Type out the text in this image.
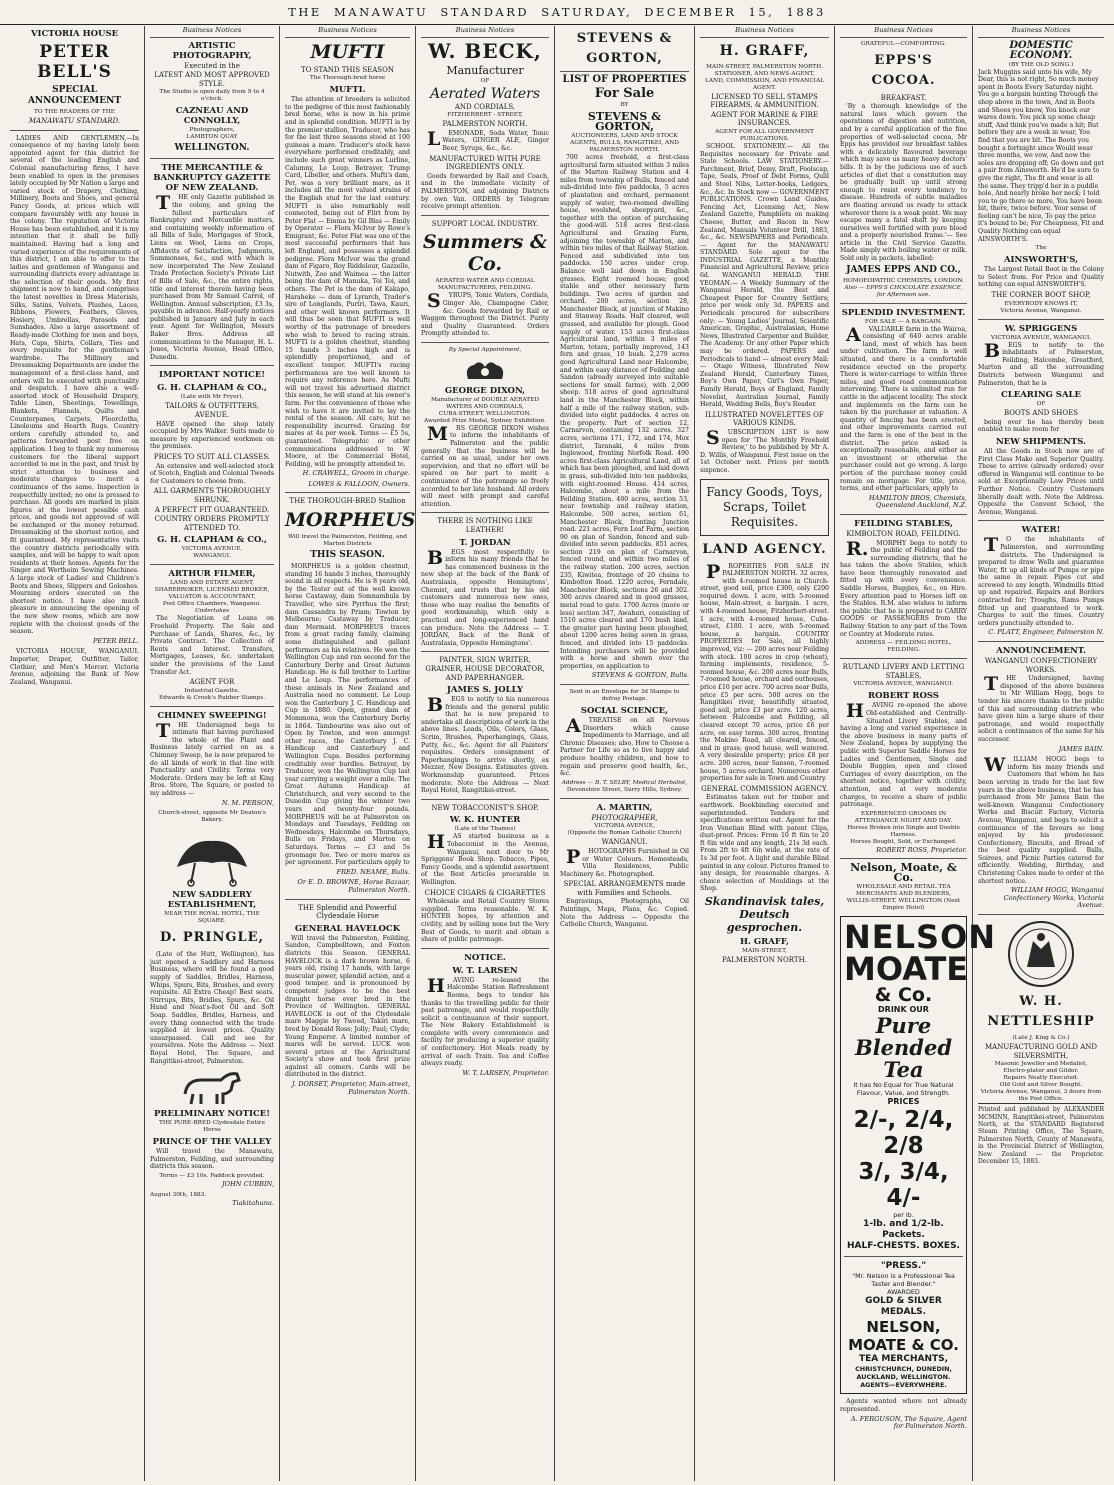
THE MANAWATU STANDARD SATURDAY, DECEMBER 15, 1883
VICTORIA HOUSE
PETER BELL'S
SPECIAL ANNOUNCEMENT
TO THE READERS OF THE
MANAWATU STANDARD.
LADIES AND GENTLEMEN,—In consequence of my having lately been appointed agent for this district for several of the leading English and Colonial manufacturing firms, I have been enabled to open in the premises lately occupied by Mr Nation a large and varied stock of Drapery, Clothing, Millinery, Boots and Shoes, and general Fancy Goods, at prices which will compare favourably with any house in the colony. The reputation of Victoria House has been established, and it is my intention that it shall be fully maintained. Having had a long and varied experience of the requirements of this district, I am able to offer to the ladies and gentlemen of Wanganui and surrounding districts every advantage in the selection of their goods. My first shipment is now to hand, and comprises the latest novelties in Dress Materials, Silks, Satins, Velvets, Plushes, Laces, Ribbons, Flowers, Feathers, Gloves, Hosiery, Umbrellas, Parasols and Sunshades. Also a large assortment of Ready-made Clothing for men and boys, Hats, Caps, Shirts, Collars, Ties and every requisite for the gentleman's wardrobe. The Millinery and Dressmaking Departments are under the management of a first-class hand, and orders will be executed with punctuality and despatch. I have also a well-assorted stock of Household Drapery, Table Linen, Sheetings, Towellings, Blankets, Flannels, Quilts and Counterpanes, Carpets, Floorcloths, Linoleums and Hearth Rugs. Country orders carefully attended to, and patterns forwarded post free on application. I beg to thank my numerous customers for the liberal support accorded to me in the past, and trust by strict attention to business and moderate charges to merit a continuance of the same. Inspection is respectfully invited; no one is pressed to purchase. All goods are marked in plain figures at the lowest possible cash prices, and goods not approved of will be exchanged or the money returned. Dressmaking at the shortest notice, and fit guaranteed. My representative visits the country districts periodically with samples, and will be happy to wait upon residents at their homes. Agents for the Singer and Wertheim Sewing Machines. A large stock of Ladies' and Children's Boots and Shoes, Slippers and Goloshes. Mourning orders executed on the shortest notice. I have also much pleasure in announcing the opening of the new show rooms, which are now replete with the choicest goods of the season.
PETER BELL.
VICTORIA HOUSE, WANGANUI. Importer, Draper, Outfitter, Tailor, Clothier, and Men's Mercer. Victoria Avenue, adjoining the Bank of New Zealand, Wanganui.
Business Notices
ARTISTIC PHOTOGRAPHY,
Executed in the
LATEST AND MOST APPROVED STYLE.
The Studio is open daily from 9 to 4 o'clock.
CAZNEAU AND CONNOLLY,
Photographers,
LAMBTON QUAY
WELLINGTON.
THE MERCANTILE & BANKRUPTCY GAZETTE OF NEW ZEALAND.
THE only Gazette published in the colony, and giving the fullest particulars of Bankruptcy and Mercantile matters, and containing weekly information of all Bills of Sale, Mortgages of Stock, Liens on Wool, Liens on Crops, Affidavits of Satisfaction, Judgments, Summonses, &c., and with which is now incorporated The New Zealand Trade Protection Society's Private List of Bills of Sale, &c., the entire rights, title and interest therein having been purchased from Mr Samuel Carrol, of Wellington. Annual subscription, £3 3s, payable in advance. Half-yearly notices published in January and July in each year. Agent for Wellington, Messrs Baker Bros. Address all communications to the Manager, H. L. Jones, Victoria Avenue, Head Office, Dunedin.
IMPORTANT NOTICE!
G. H. CLAPHAM & CO.,
(Late with Mr Fryer),
TAILORS & OUTFITTERS, AVENUE.
HAVE opened the shop lately occupied by Mrs Walker. Suits made to measure by experienced workmen on the premises.
PRICES TO SUIT ALL CLASSES.
An extensive and well-selected stock of Scotch, English and Colonial Tweeds for Customers to choose from.
ALL GARMENTS THOROUGHLY SHRUNK.
A PERFECT FIT GUARANTEED.
COUNTRY ORDERS PROMPTLY ATTENDED TO.
G. H. CLAPHAM & CO.,
VICTORIA AVENUE,
WANGANUI.
ARTHUR FILMER,
LAND AND ESTATE AGENT, SHAREBROKER, LICENSED BROKER, VALUATOR & ACCOUNTANT,
Post Office Chambers, Wanganui.
Undertakes
The Negotiation of Loans on Freehold Property. The Sale and Purchase of Lands, Shares, &c., by Private Contract. The Collection of Rents and Interest. Transfers, Mortgages, Leases, &c. undertaken under the provisions of the Land Transfer Act.
AGENT FOR
Industrial Gazette.
Edwards & Crook's Rubber Stamps.
CHIMNEY SWEEPING!
THE Undersigned begs to intimate that having purchased the whole of the Plant and Business lately carried on as a Chimney Sweep, he is now prepared to do all kinds of work in that line with Punctuality and Civility. Terms very Moderate. Orders may be left at King Bros. Store, The Square, or posted to my address —
N. M. PERSON,
Church-street, opposite Mr Deaton's Bakery.
NEW SADDLERY ESTABLISHMENT,
NEAR THE ROYAL HOTEL, THE SQUARE.
D. PRINGLE,
(Late of the Hutt, Wellington), has just opened a Saddlery and Harness Business, where will be found a good supply of Saddles, Bridles, Harness, Whips, Spurs, Bits, Brushes, and every requisite. All Extra Cheap! Best seats. Stirrups, Bits, Bridles, Spurs, &c. Oil Hand and Neat's-foot Oil and Soft Soap. Saddles, Bridles, Harness, and every thing connected with the trade supplied at lowest prices. Quality unsurpassed. Call and see for yourselves. Note the Address — Next Royal Hotel, The Square, and Rangitikei-street, Palmerston.
PRELIMINARY NOTICE!
THE PURE-BRED Clydesdale Entire Horse
PRINCE OF THE VALLEY
Will travel the Manawatu, Palmerston, Feilding, and surrounding districts this season.
Terms — £3 10s. Paddock provided.
JOHN CUBBIN,
August 30th, 1883.
Tiakitahuna.
Business Notices
MUFTI
TO STAND THIS SEASON
The Thorough-bred horse
MUFTI.
The attention of breeders is solicited to the pedigree of this most fashionably bred horse, who is now in his prime and in splendid condition. MUFTI is by the premier stallion, Traducer, who has for the last three seasons stood at 100 guineas a mare. Traducer's stock have everywhere performed creditably, and include such great winners as Lurline, Calumny, Le Loup, Betrayer, Trump Card, Libeller, and others. Mufti's dam, Pet, was a very brilliant mare, as it includes all the most valued strains of the English stud for the last century. MUFTI is also remarkably well connected, being out of Flirt from by Peter Flat — Emma by Gil Blas — Emily by Operator — Flora McIvor by Rowe's Emigrant, &c. Peter Flat was one of the most successful performers that has left England, and possesses a splendid pedigree. Flora McIvor was the grand dam of Figaro, Roy Riddelour, Gazzelle, Nutwith, Zoe and Waimea — the latter being the dam of Manuka, Toi Toi, and others. The Pet is the dam of Kakapo, Haraheke — dam of Lyrarch, Trader's sire of Longlands, Puriri, Tawa, Kauri, and other well known performers. It will thus be seen that MUFTI is well worthy of the patronage of breeders who wish to breed to racing strain. MUFTI is a golden chestnut, standing 15 hands 3 inches high and is splendidly proportioned, and of excellent temper. MUFTI's racing performances are too well known to require any reference here. As Mufti will not travel his advertised district this season, he will stand at his owner's farm. For the convenience of those who wish to have it are invited to lay the rental of the season. All care, but no responsibility incurred. Grazing for mares at 4s per week. Terms — £5 5s, guaranteed. Telegraphic or other communications addressed to W. Moore, at the Commercial Hotel, Feilding, will be promptly attended to.
H. CRAWELL, Groom in charge.
LOWES & FALLOON, Owners.
THE THOROUGH-BRED Stallion
MORPHEUS
Will travel the Palmerston, Feilding, and Marton Districts
THIS SEASON.
MORPHEUS is a golden chestnut, standing 16 hands 3 inches, thoroughly sound in all respects. He is 8 years old, by the Tester out of the well known horse Castaway, dam Somnambula by Traveller, who sire Pyrrhus the first; dam Cassandra by Priam; Towton by Melbourne; Castaway by Traducer, dam Mermaid. MORPHEUS traces from a great racing family, claiming some distinguished and gallant performers as his relatives. He won the Wellington Cup and ran second for the Canterbury Derby and Great Autumn Handicap. He is full brother to Lurline and Le Loup. The performances of these animals in New Zealand and Australia need no comment. Le Loup won the Canterbury J. C. Handicap and Cup in 1880. Open, grand dam of Mommona, won the Canterbury Derby in 1864. Tambourine was also out of Open by Towton, and won amongst other races, the Canterbury J. C. Handicap and Canterbury and Wellington Cups. Besides performing creditably over hurdles. Betrayer, by Traducer, won the Wellington Cup last year carrying a weight over a mile. The Great Autumn Handicap at Christchurch, and very second to the Dunedin Cup giving the winner two years and twenty-four pounds. MORPHEUS will be at Palmerston on Mondays and Tuesdays, Feilding on Wednesdays, Halcombe on Thursdays, Bulls on Fridays, and Marton on Saturdays. Terms — £3 and 5s groomage fee. Two or more mares as per agreement. For particulars apply to
FRED. NEAME, Bulls.
Or E. D. BROWNE, Horse Bazaar, Palmerston North.
THE Splendid and Powerful Clydesdale Horse
GENERAL HAVELOCK
Will travel the Palmerston, Feilding, Sandon, Campbelltown, and Foxton districts this Season. GENERAL HAVELOCK is a dark brown horse, 6 years old, rising 17 hands, with large muscular power, splendid action, and a good temper, and is pronounced by competent judges to be the best draught horse ever bred in the Province of Wellington. GENERAL HAVELOCK is out of the Clydesdale mare Maggie by Tweed, Takiri mare, bred by Donald Ross; Jolly; Paul; Clyde; Young Emperor. A limited number of mares will be served. LUCK won several prizes at the Agricultural Society's show and took first prize against all comers. Cards will be distributed in the district.
J. DORSET, Proprietor, Main-street, Palmerston North.
Business Notices
W. BECK,
Manufacturer
OF
Aerated Waters
AND CORDIALS,
FITZHERBERT - STREET,
PALMERSTON NORTH.
LEMONADE, Soda Water, Tonic Waters, GINGER ALE, Ginger Beer, Syrups, &c., &c.
MANUFACTURED WITH PURE INGREDIENTS ONLY.
Goods forwarded by Rail and Coach, and in the immediate vicinity of PALMERSTON, and adjoining Districts by own Van. ORDERS by Telegram receive prompt attention.
SUPPORT LOCAL INDUSTRY.
Summers & Co.
AERATED WATER AND CORDIAL MANUFACTURERS, FEILDING.
SYRUPS, Tonic Waters, Cordials, Ginger Ale, Champagne Cider, &c. Goods forwarded by Rail or Waggon throughout the District. Purity and Quality Guaranteed. Orders Promptly attended to.
By Special Appointment,
GEORGE DIXON,
Manufacturer of DOUBLE AERATED WATERS AND CORDIALS,
CUBA-STREET, WELLINGTON.
Awarded Prize Medal, Sydney Exhibition.
MRS GEORGE DIXON wishes to inform the inhabitants of Palmerston and the public generally that the business will be carried on as usual, under her own supervision, and that no effort will be spared on her part to merit a continuance of the patronage so freely accorded to her late husband. All orders will meet with prompt and careful attention.
THERE IS NOTHING LIKE LEATHER!
T. JORDAN
BEGS most respectfully to inform his many friends that he has commenced business in the new shop at the back of the Bank of Australasia, opposite Hemingtons', Chemist, and trusts that by his old customers and numerous new ones, those who may realise the benefits of good workmanship, which only a practical and long-experienced hand can produce. Note the Address — T. JORDAN, Back of the Bank of Australasia, Opposite Hemingtons'.
PAINTER, SIGN WRITER, GRAINER, HOUSE DECORATOR, AND PAPERHANGER.
JAMES S. JOLLY
BEGS to notify to his numerous friends and the general public that he is now prepared to undertake all descriptions of work in the above lines. Leads, Oils, Colors, Glass, Scrim, Brushes, Paperhangings, Glass, Putty, &c., &c. Agent for all Painters' requisites. Orders consignment of Paperhangings to arrive shortly, ex Mezzer, New Designs. Estimates given. Workmanship guaranteed. Prices moderate. Note the Address — Next Royal Hotel, Rangitikei-street.
NEW TOBACCONIST'S SHOP.
W. K. HUNTER
(Late of the Thames)
HAS started business as a Tobacconist in the Avenue, Wanganui, next door to Mr Spriggens' Book Shop. Tobacco, Pipes, Fancy Goods, and a splendid assortment of the Best Articles procurable in Wellington.
CHOICE CIGARS & CIGARETTES
Wholesale and Retail Country Stores supplied. Terms reasonable. W. K. HUNTER hopes, by attention and civility, and by selling none but the Very Best of Goods, to merit and obtain a share of public patronage.
NOTICE.
W. T. LARSEN
HAVING re-leased the Halcombe Station Refreshment Rooms, begs to tender his thanks to the travelling public for their past patronage, and would respectfully solicit a continuance of their support. The New Bakery Establishment is complete with every convenience and facility for producing a superior quality of confectionery. Hot Meals ready by arrival of each Train. Tea and Coffee always ready.
W. T. LARSEN, Proprietor.
STEVENS & GORTON,
LIST OF PROPERTIES
For Sale
BY
STEVENS & GORTON,
AUCTIONEERS, LAND AND STOCK AGENTS, BULLS, RANGITIKEI, AND PALMERSTON NORTH.
700 acres freehold, a first-class agricultural farm situated within 3 miles of the Marton Railway Station and 4 miles from township of Bulls, fenced and sub-divided into five paddocks, 5 acres of plantation and orchard, permanent supply of water, two-roomed dwelling house, woolshed, sheepyard, &c., together with the option of purchasing the good-will. 518 acres first-class Agricultural and Grazing Farm, adjoining the township of Marton, and within two miles of that Railway Station. Fenced and subdivided into ten paddocks. 150 acres under crop. Balance well laid down in English grasses. Eight roomed house; good stable and other necessary farm buildings. Two acres of garden and orchard. 200 acres, section 28, Manchester Block, at junction of Makino and Stanway Roads. Half cleared, well grassed, and available for plough. Good supply of water. 153 acres first-class Agricultural land, within 3 miles of Marton, totara, partially improved, 143 fern and grass, 10 bush. 2,279 acres good Agricultural Land near Halcombe, and within easy distance of Feilding and Sandon (already surveyed into suitable sections for small farms), with 2,000 sheep. 518 acres of good agricultural land in the Manchester Block, within half a mile of the railway station, sub-divided into eight paddocks. 4 acres on the property. Part of section 12, Carnarvon, containing 132 acres. 327 acres, sections 171, 172, and 174, Mox district, Taranaki, 4 miles from Inglewood, fronting Norfolk Road. 490 acres first-class Agricultural Land, all of which has been ploughed, and laid down in grass, sub-divided into ten paddocks, with eight-roomed House. 414 acres, Halcombe, about a mile from the Feilding Station. 400 acres, section 53, near township and railway station, Halcombe. 500 acres, section 61, Manchester Block, fronting Junction road. 221 acres, Fern Leaf Farm, section 90 on plan of Sandon, fenced and sub-divided into seven paddocks. 851 acres, section 219 on plan of Carnarvon, fenced round, and within two miles of the railway station. 200 acres, section 235, Kiwitea, frontage of 20 chains to Kimbolton Road. 1220 acres, Ferndale, Manchester Block, sections 26 and 302. 300 acres cleared and in good grasses, metal road to gate. 1700 Acres (more or less) section 347, Awahuri, consisting of 1510 acres cleared and 170 bush land, the greater part having been ploughed, about 1200 acres being sown in grass, fenced, and divided into 15 paddocks. Intending purchasers will be provided with a horse and shown over the properties, on application to
STEVENS & GORTON, Bulls.
Sent in an Envelope for 3d Stamps to defray Postage.
SOCIAL SCIENCE,
ATREATISE on all Nervous Disorders which cause Impediments to Marriage, and all Chronic Diseases; also, How to Choose a Partner for Life so as to live happy and produce healthy children, and how to regain and preserve good health, &c., &c.
Address — B. T. SELBY, Medical Herbalist,
Devonshire Street, Surry Hills, Sydney.
A. MARTIN,
PHOTOGRAPHER,
VICTORIA AVENUE,
(Opposite the Roman Catholic Church)
WANGANUI.
PHOTOGRAPHS Furnished in Oil or Water Colours. Homesteads, Villa Residences, Public Machinery &c. Photographed.
SPECIAL ARRANGEMENTS made with Families and Schools.
Engravings, Photographs, Oil Paintings, Maps, Plans, &c. Copied. Note the Address — Opposite the Catholic Church, Wanganui.
Business Notices
H. GRAFF,
MAIN-STREET, PALMERSTON NORTH.
STATIONER, AND NEWS-AGENT,
LAND, COMMISSION, AND FINANCIAL AGENT.
LICENSED TO SELL STAMPS FIREARMS, & AMMUNITION.
AGENT FOR MARINE & FIRE INSURANCES.
AGENT FOR ALL GOVERNMENT PUBLICATIONS.
SCHOOL STATIONERY.— All the Requisites necessary for Private and State Schools. LAW STATIONERY.— Parchment, Brief, Demy, Draft, Foolscap, Tape, Seals, Proof of Debt Forms, Quill and Steel Nibs, Letter-books, Ledgers, &c., &c. In Stock now — GOVERNMENT PUBLICATIONS. Crown Land Guides, Fencing Act, Licensing Act, New Zealand Gazette, Pamphlets on making Cheese, Butter, and Bacon in New Zealand, Manuals Volunteer Drill, 1883, &c., &c. NEWSPAPERS and Periodicals.— Agent for the MANAWATU STANDARD. Sole agent for the INDUSTRIAL GAZETTE, a Monthly Financial and Agricultural Review, price 6d. WANGANUI HERALD. THE YEOMAN.— A Weekly Summary of the Wanganui Herald, the Best and Cheapest Paper for Country Settlers; price per week only 3d. PAPERS and Periodicals procured for subscribers only: — Young Ladies' Journal, Scientific American, Graphic, Australasian, Home News, Illustrated Carpenter and Builder, The Academy. Or any other Paper which may be ordered. PAPERS and Periodicals to hand — almost every Mail: — Otago Witness, Illustrated New Zealand Herald, Canterbury Times, Boy's Own Paper, Girl's Own Paper, Family Herald, Boys of England, Family Novelist, Australian Journal, Family Herald, Wedding Bells, Boy's Reader.
ILLUSTRATED NOVELETTES OF VARIOUS KINDS.
SUBSCRIPTION LIST is now open for 'The Monthly Freehold Review,' to be published by Mr A. D. Willis, of Wanganui. First issue on the 1st October next. Prices per month sixpence.
Fancy Goods, Toys, Scraps, Toilet Requisites.
LAND AGENCY.
PROPERTIES FOR SALE IN PALMERSTON NORTH. 32 acres, with 4-roomed house in Church-street, good soil, price £300, only £200 required down. 1 acre, with 5-roomed house, Main-street, a bargain. 1 acre, with 4-roomed house, Fitzherbert-street. 1 acre, with 4-roomed house, Cuba-street, £180. 1 acre, with 5-roomed house, a bargain. COUNTRY PROPERTIES for Sale, all highly improved, viz: — 200 acres near Feilding with stock. 100 acres in crop (wheat), farming implements, residence, 5-roomed house, &c. 200 acres near Bulls, 7-roomed house, orchard and outhouses, price £10 per acre. 700 acres near Bulls, price £5 per acre. 500 acres on the Rangitikei river, beautifully situated, good soil, price £3 per acre. 120 acres, between Halcombe and Feilding, all cleared except 70 acres, price £6 per acre, on easy terms. 300 acres, fronting the Makino Road, all cleared, fenced, and in grass; good house, well watered. A very desirable property; price £8 per acre. 200 acres, near Sanson, 7-roomed house, 5 acres orchard. Numerous other properties for sale in Town and Country.
GENERAL COMMISSION AGENCY.
Estimates taken out for timber and earthwork. Bookbinding executed and superintended. Tenders and specifications written out. Agent for the Iron Venetian Blind with patent Clips, dust-proof. Prices: From 10 ft 6in to 20 ft 6in wide and any length, 21s 3d each. From 2ft to 4ft 6in wide, at the rate of 1s 3d per foot. A light and durable Blind painted in any colour. Pictures framed to any design, for reasonable charges. A choice selection of Mouldings at the Shop.
Skandinavisk tales, Deutsch gesprochen.
H. GRAFF,
MAIN-STREET,
PALMERSTON NORTH.
Business Notices
GRATEFUL—COMFORTING.
EPPS'S COCOA.
BREAKFAST.
'By a thorough knowledge of the natural laws which govern the operations of digestion and nutrition, and by a careful application of the fine properties of well-selected cocoa, Mr Epps has provided our breakfast tables with a delicately flavoured beverage which may save us many heavy doctors' bills. It is by the judicious use of such articles of diet that a constitution may be gradually built up until strong enough to resist every tendency to disease. Hundreds of subtle maladies are floating around us ready to attack wherever there is a weak point. We may escape many a fatal shaft by keeping ourselves well fortified with pure blood and a properly nourished frame.'— See article in the Civil Service Gazette. Made simply with boiling water or milk. Sold only in packets, labelled:
JAMES EPPS AND CO.,
HOMOEOPATHIC CHEMISTS, LONDON.
Also — EPPS'S CHOCOLATE ESSENCE, for Afternoon use.
SPLENDID INVESTMENT.
FOR SALE — A BARGAIN.
AVALUABLE farm in the Wairoa, consisting of 640 acres arable land, most of which has been under cultivation. The farm is well situated, and there is a comfortable residence erected on the property. There is water-carriage to within three miles, and good road communication intervening. There is unlimited run for cattle in the adjacent locality. The stock and implements on the farm can be taken by the purchaser at valuation. A quantity of fencing has been erected, and other improvements carried out and the farm is one of the best in the district. The price asked is exceptionally reasonable, and either as an investment or otherwise the purchaser could not go wrong. A large portion of the purchase money could remain on mortgage. For title, price, terms, and other particulars, apply to
HAMILTON BROS, Chemists, Queensland Auckland, N.Z.
FEILDING STABLES,
KIMBOLTON ROAD, FEILDING.
R.MORPHY begs to notify to the public of Feilding and the surrounding districts, that he has taken the above Stables, which have been thoroughly renovated and fitted up with every convenience. Saddle Horses, Buggies, &c., on Hire. Every attention paid to Horses left on the Stables. R.M. also wishes to inform the public that he is prepared to CARRY GOODS or PASSENGERS from the Railway Station to any part of the Town or Country at Moderate rates.
ADDRESS — FEILDING HOTEL, FEILDING.
RUTLAND LIVERY AND LETTING STABLES,
VICTORIA AVENUE, WANGANUI.
ROBERT ROSS
HAVING re-opened the above Old-established and Centrally-Situated Livery Stables, and having a long and varied experience in the above business in many parts of New Zealand, hopes by supplying the public with Superior Saddle Horses for Ladies and Gentlemen, Single and Double Buggies, open and closed Carriages of every description, on the shortest notice, together with civility, attention, and at very moderate charges, to receive a share of public patronage.
EXPERIENCED GROOMS IN ATTENDANCE NIGHT AND DAY.
Horses Broken into Single and Double Harness.
Horses Bought, Sold, or Exchanged.
ROBERT ROSS, Proprietor.
Nelson, Moate, & Co.
WHOLESALE AND RETAIL TEA MERCHANTS AND BLENDERS,
WILLIS-STREET, WELLINGTON (Next Empire Hotel)
NELSON
MOATE
& Co.
DRINK OUR
Pure Blended Tea
It has No Equal for True Natural Flavour, Value, and Strength.
PRICES
2/-, 2/4, 2/8
3/, 3/4, 4/-
per lb.
1-lb. and 1/2-lb. Packets.
HALF-CHESTS. BOXES.
"PRESS."
"Mr. Nelson is a Professional Tea Taster and Blender."
AWARDED
GOLD & SILVER MEDALS.
NELSON, MOATE & CO.
TEA MERCHANTS,
CHRISTCHURCH, DUNEDIN, AUCKLAND, WELLINGTON.
AGENTS—EVERYWHERE.
Agents wanted where not already represented.
A. FERGUSON, The Square, Agent for Palmerston North.
Business Notices
DOMESTIC ECONOMY.
(BY THE OLD SONG.)
Jack Muggins said unto his wife, My Dear, this is not right, So much money spent in Boots Every Saturday night. You go a bargain hunting Through the shop above in the town, And in Boots and Shoes you know, You knock our wares down. You pick up some cheap stuff, And think you've made a hit; But before they are a week in wear, You find that you are bit. The Boots you bought a fortnight since Would wear three months, we vow, And now the soles are dropping off; Go down and get a pair from Ainsworth. He'd be sure to give the right, The fit and wear is all the same. They tripp'd her in a puddle hole, And nearly broke her neck; I told you to go there so more, You have been bit, there, twice before. Your sense of feeling can't be nice, To pay the price it's bound to be; For Cheapness, Fit and Quality Nothing can equal AINSWORTH'S.
The
AINSWORTH'S,
The Largest Retail Boot in the Colony to Select from. For Price and Quality nothing can equal AINSWORTH'S.
THE CORNER BOOT SHOP,
EVERYBODY KNOWS IT,
Victoria Avenue, Wanganui.
W. SPRIGGENS
VICTORIA AVENUE, WANGANUI.
BEGS to notify to the inhabitants of Palmerston, Feilding, Halcombe, Greatford, Marton and all the surrounding Districts between Wanganui and Palmerston, that he is
CLEARING SALE
OF
BOOTS AND SHOES
being over he has thereby been enabled to make room for
NEW SHIPMENTS.
All the Goods in Stock now are of First Class Make and Superior Quality. Those to arrive (already ordered) over offered in Wanganui will continue to be sold at Exceptionally Low Prices until Further Notice. Country Customers liberally dealt with. Note the Address. Opposite the Convent School, the Avenue, Wanganui.
WATER!
TO the inhabitants of Palmerston, and surrounding districts. The Undersigned is prepared to draw Wells and guarantee Water, fit up all kinds of Pumps or pipe the same in repair. Pipes cut and screwed to any length. Windmills fitted up and repaired. Repairs and Borders contracted for; Troughs, Rams Pumps fitted up and guaranteed to work. Charges to suit the times. Country orders punctually attended to.
C. PLATT, Engineer, Palmerston N.
ANNOUNCEMENT.
WANGANUI CONFECTIONERY WORKS.
THE Undersigned, having disposed of the above business to Mr William Hogg, begs to tender his sincere thanks to the public of this and surrounding districts who have given him a large share of their patronage, and would respectfully solicit a continuance of the same for his successor.
JAMES BAIN.
WILLIAM HOGG begs to inform his many friends and Customers that whom he has been serving in trade for the last few years in the above business, that he has purchased from Mr James Bain the well-known Wanganui Confectionery Works and Biscuit Factory, Victoria Avenue, Wanganui, and begs to solicit a continuance of the favours so long enjoyed by his predecessor. Confectionery, Biscuits, and Bread of the best quality supplied. Balls, Soirees, and Picnic Parties catered for efficiently. Wedding, Birthday, and Christening Cakes made to order at the shortest notice.
WILLIAM HOGG, Wanganui Confectionery Works, Victoria Avenue.
W. H. NETTLESHIP
(Late J. King & Co.)
MANUFACTURING GOLD AND SILVERSMITH,
Masonic Jeweller and Medalist,
Electro-plater and Gilder.
Repairs Neatly Executed.
Old Gold and Silver Bought.
Victoria Avenue, Wanganui, 3 doors from the Post Office.
Printed and published by ALEXANDER MCMINN, Rangitikei-street, Palmerston North, at the STANDARD Registered Steam Printing Office, The Square, Palmerston North, County of Manawatu, in the Provincial District of Wellington, New Zealand — the Proprietor. December 15, 1883.
